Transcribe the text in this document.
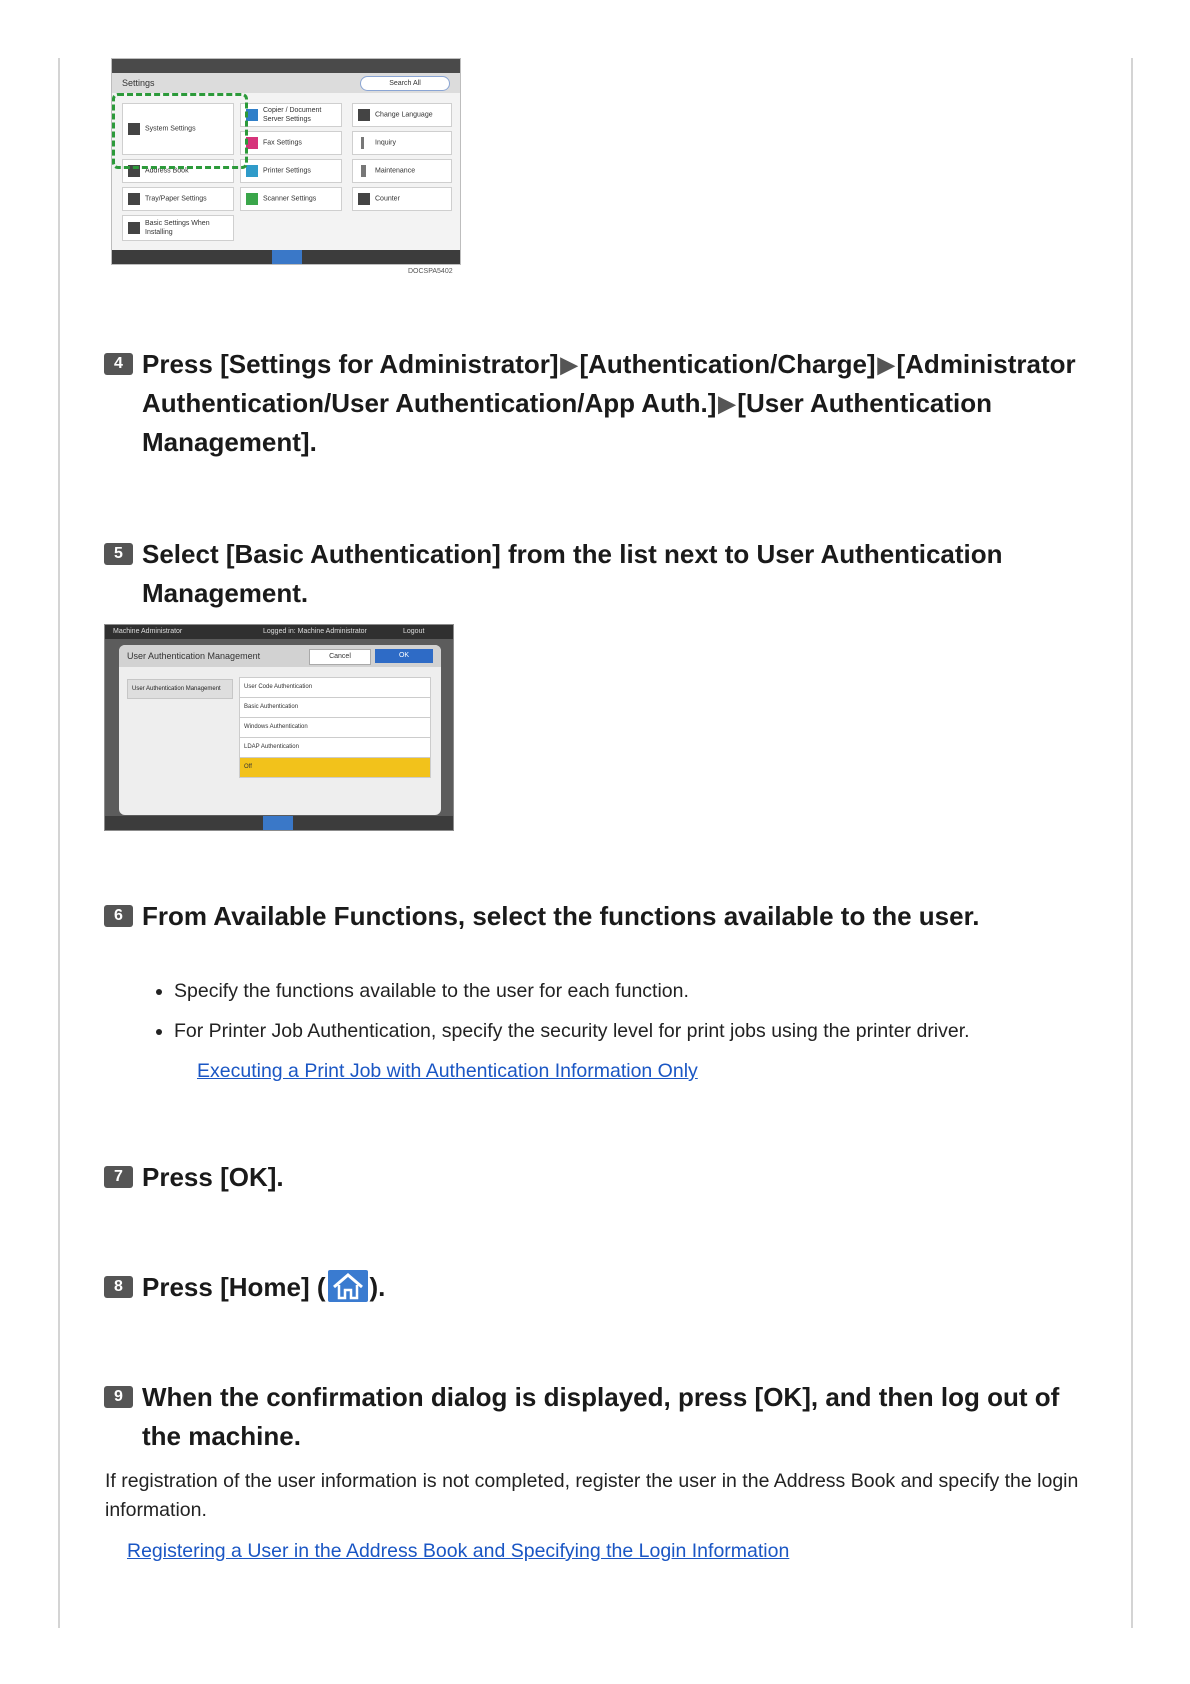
Settings	Search All
System Settings
Copier / Document Server Settings
Change Language
Fax Settings	Inquiry
Address Book	Printer Settings	Maintenance
Tray/Paper Settings	Scanner Settings	Counter
Basic Settings When Installing
DOCSPA5402
4 Press [Settings for Administrator]▶[Authentication/Charge]▶[Administrator Authentication/User Authentication/App Auth.]▶[User Authentication Management].
5 Select [Basic Authentication] from the list next to User Authentication Management.
Machine Administrator	Logged in: Machine Administrator	Logout
User Authentication Management	Cancel	OK
User Authentication Management	User Code Authentication
Basic Authentication
Windows Authentication
LDAP Authentication
Off
6 From Available Functions, select the functions available to the user.
• Specify the functions available to the user for each function.
• For Printer Job Authentication, specify the security level for print jobs using the printer driver.
Executing a Print Job with Authentication Information Only
7 Press [OK].
8 Press [Home] ( ).
9 When the confirmation dialog is displayed, press [OK], and then log out of the machine.
If registration of the user information is not completed, register the user in the Address Book and specify the login information.
Registering a User in the Address Book and Specifying the Login Information
